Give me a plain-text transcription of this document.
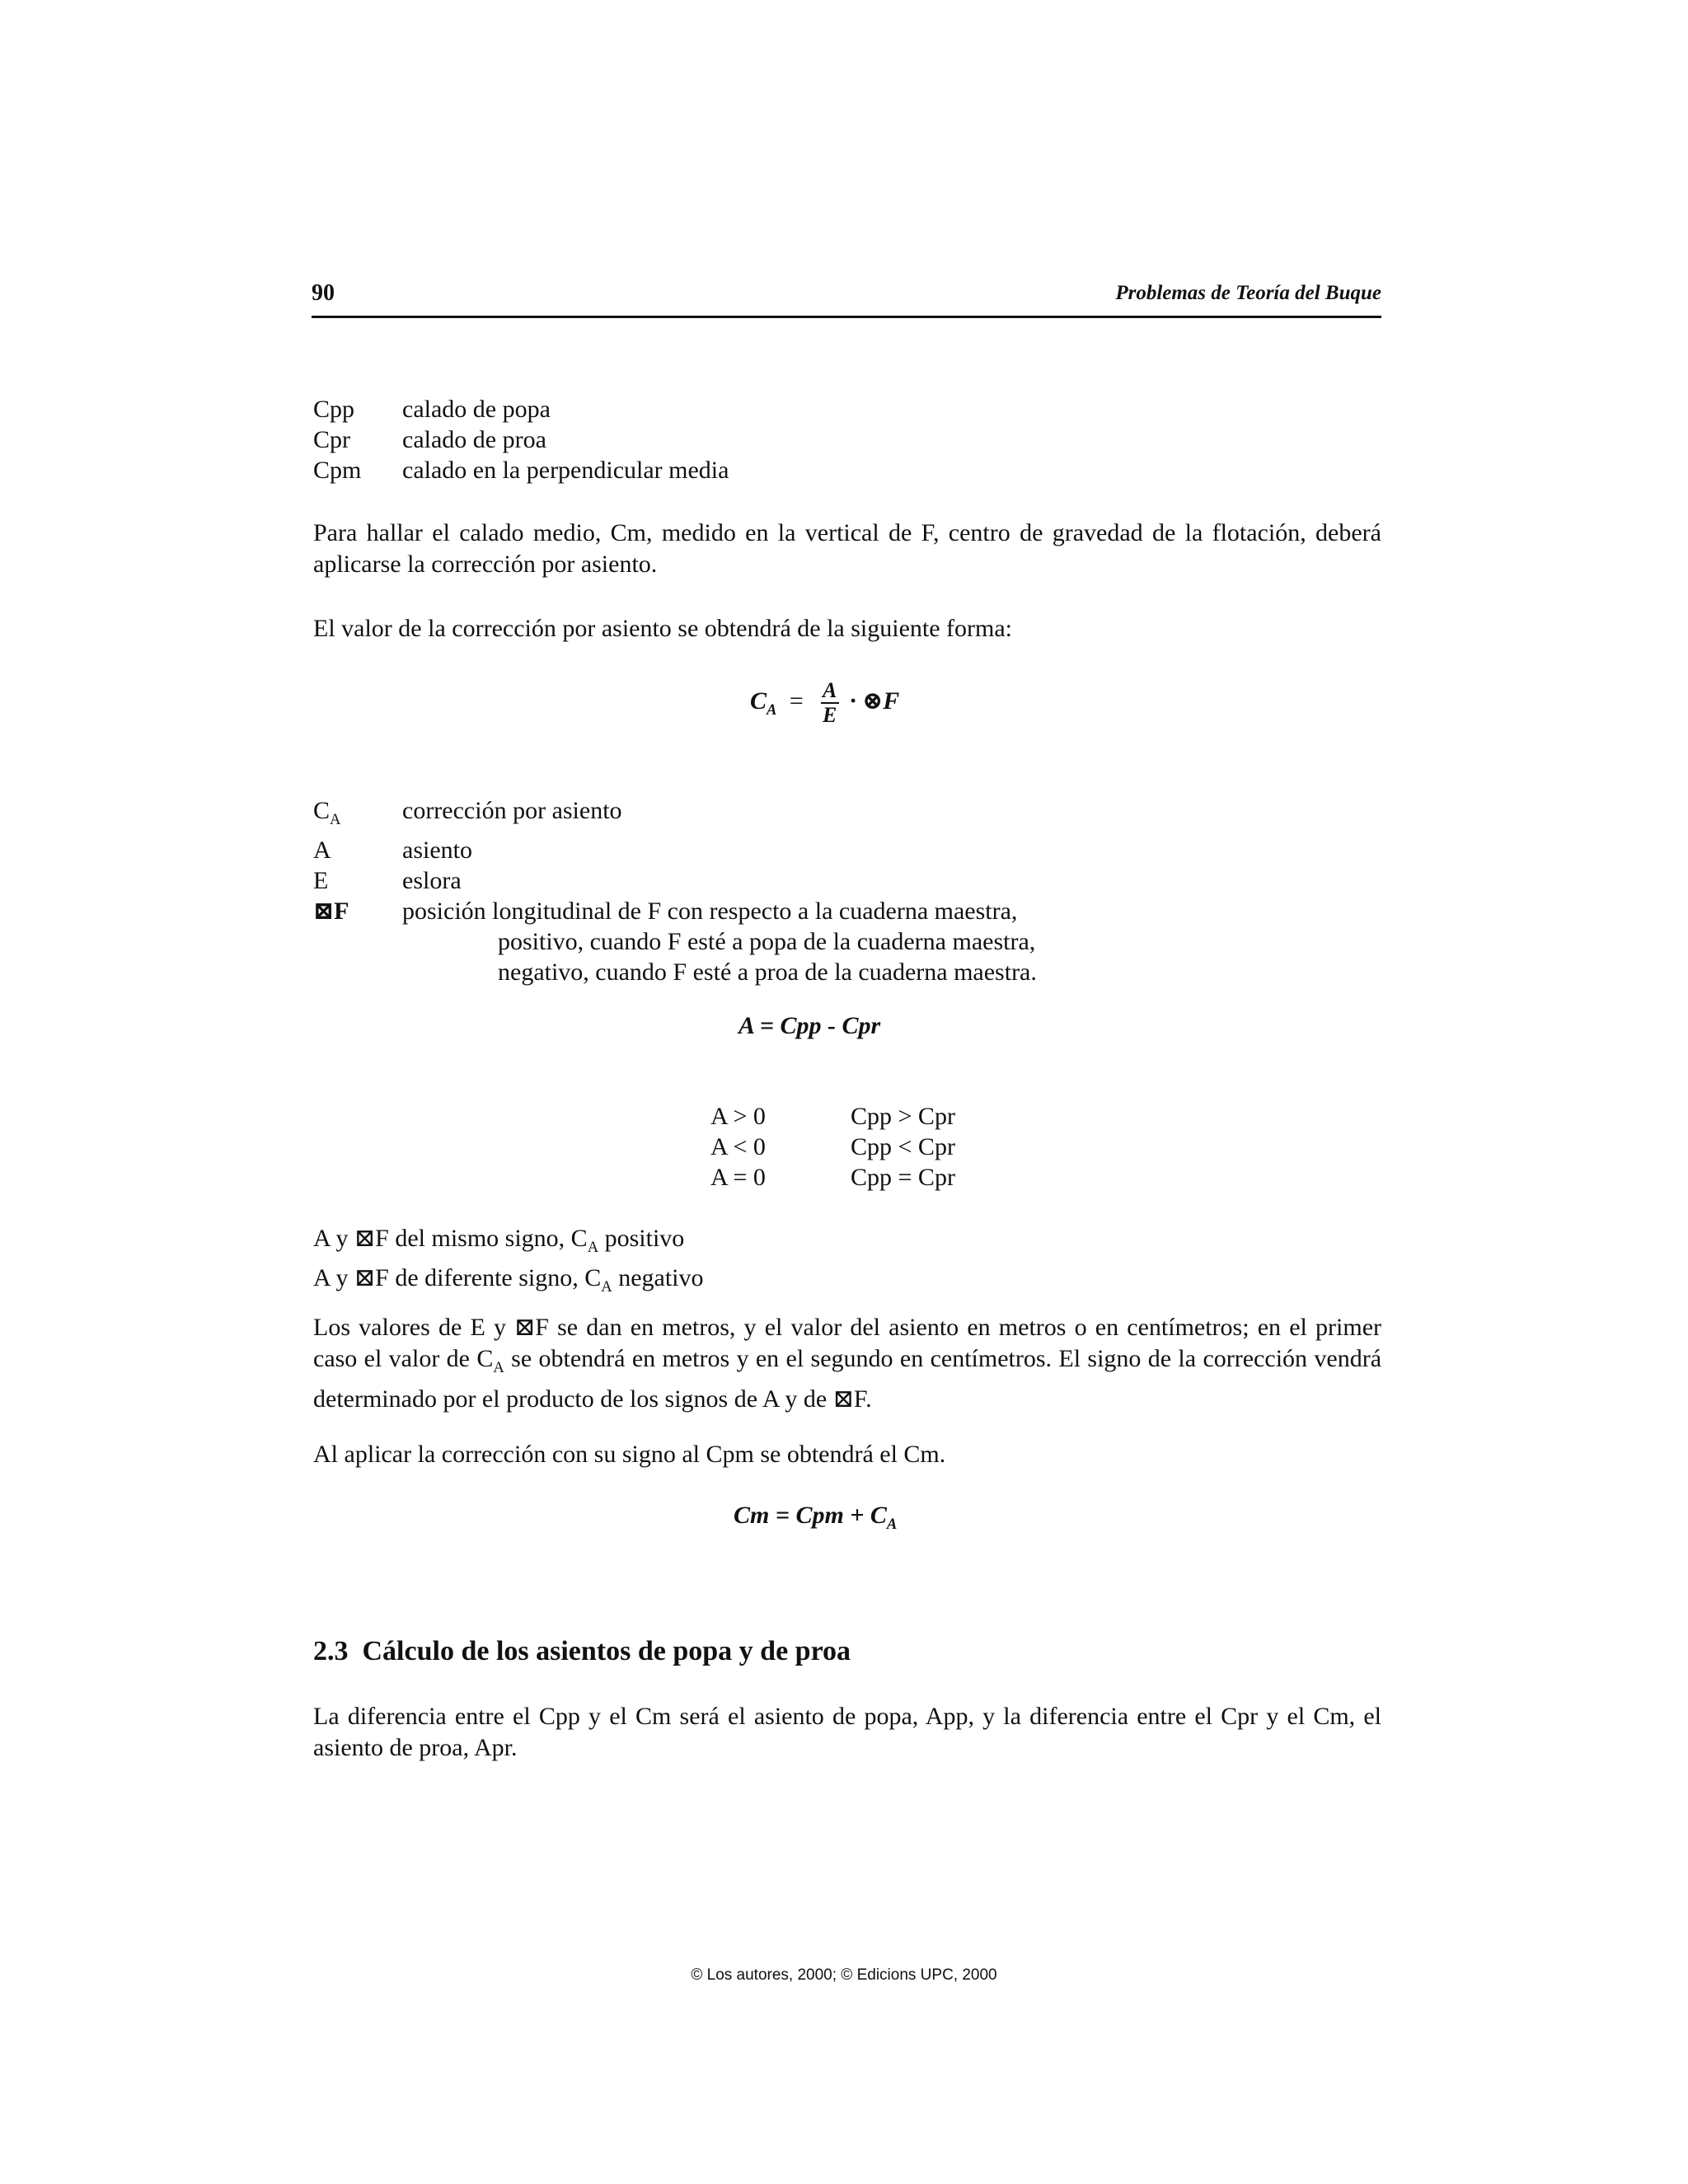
90	Problemas de Teoría del Buque
Cpp	calado de popa
Cpr	calado de proa
Cpm	calado en la perpendicular media

Para hallar el calado medio, Cm, medido en la vertical de F, centro de gravedad de la flotación, deberá aplicarse la corrección por asiento.

El valor de la corrección por asiento se obtendrá de la siguiente forma:

$C_A = \frac{A}{E}$ · ⊗F
$C_A$	corrección por asiento
A	asiento
E	eslora
⊠F	posición longitudinal de F con respecto a la cuaderna maestra,
positivo, cuando F esté a popa de la cuaderna maestra,
negativo, cuando F esté a proa de la cuaderna maestra.
A = Cpp - Cpr
A > 0	Cpp > Cpr
A < 0	Cpp < Cpr
A = 0	Cpp = Cpr
A y ⊠F del mismo signo, $C_A$ positivo
A y ⊠F de diferente signo, $C_A$ negativo

Los valores de E y ⊠F se dan en metros, y el valor del asiento en metros o en centímetros; en el primer caso el valor de $C_A$ se obtendrá en metros y en el segundo en centímetros. El signo de la corrección vendrá determinado por el producto de los signos de A y de ⊠F.

Al aplicar la corrección con su signo al Cpm se obtendrá el Cm.

Cm = Cpm + $C_A$
2.3 Cálculo de los asientos de popa y de proa

La diferencia entre el Cpp y el Cm será el asiento de popa, App, y la diferencia entre el Cpr y el Cm, el asiento de proa, Apr.

© Los autores, 2000; © Edicions UPC, 2000
